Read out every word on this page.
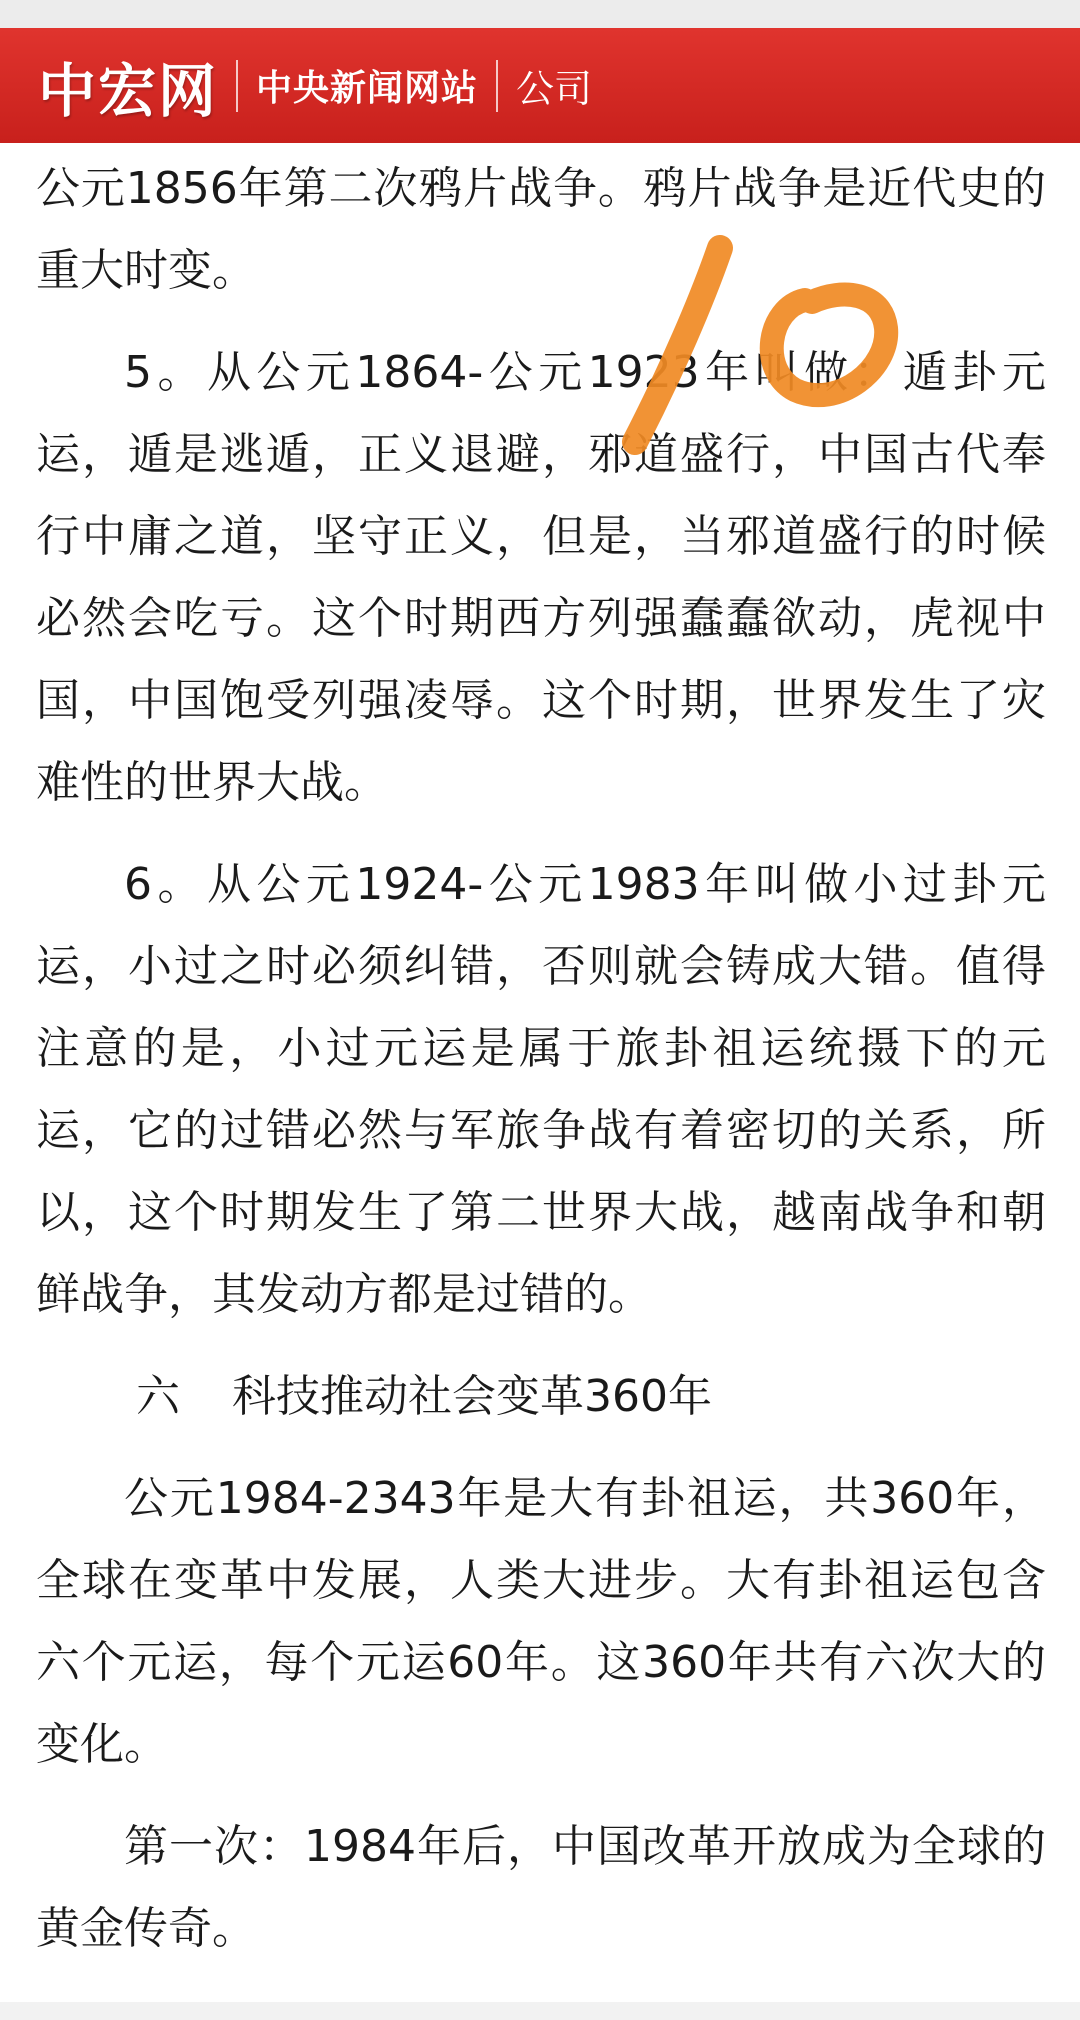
中宏网 中央新闻网站 公司

公元1856年第二次鸦片战争。鸦片战争是近代史的重大时变。

5。从公元1864-公元1923年叫做：遁卦元运，遁是逃遁，正义退避，邪道盛行，中国古代奉行中庸之道，坚守正义，但是，当邪道盛行的时候必然会吃亏。这个时期西方列强蠢蠢欲动，虎视中国，中国饱受列强凌辱。这个时期，世界发生了灾难性的世界大战。

6。从公元1924-公元1983年叫做小过卦元运，小过之时必须纠错，否则就会铸成大错。值得注意的是，小过元运是属于旅卦祖运统摄下的元运，它的过错必然与军旅争战有着密切的关系，所以，这个时期发生了第二世界大战，越南战争和朝鲜战争，其发动方都是过错的。

六 科技推动社会变革360年

公元1984-2343年是大有卦祖运，共360年，全球在变革中发展，人类大进步。大有卦祖运包含六个元运，每个元运60年。这360年共有六次大的变化。

第一次：1984年后，中国改革开放成为全球的黄金传奇。
